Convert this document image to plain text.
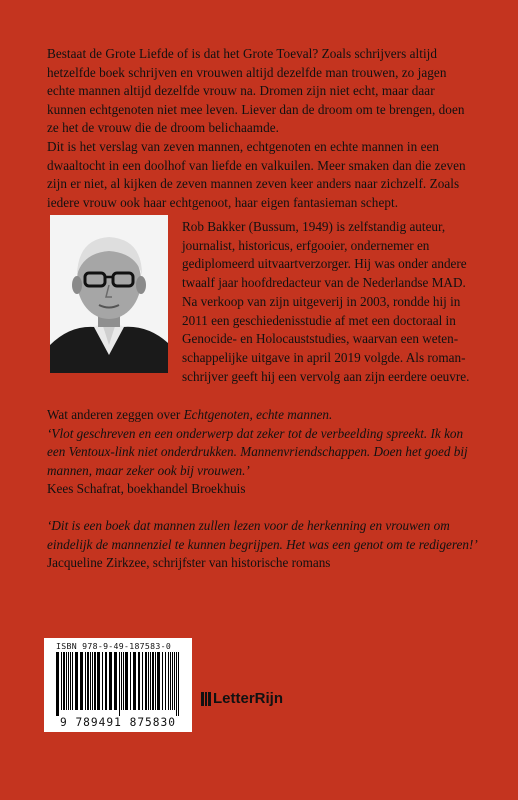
Bestaat de Grote Liefde of is dat het Grote Toeval? Zoals schrijvers altijd
hetzelfde boek schrijven en vrouwen altijd dezelfde man trouwen, zo jagen
echte mannen altijd dezelfde vrouw na. Dromen zijn niet echt, maar daar
kunnen echtgenoten niet mee leven. Liever dan de droom om te brengen, doen
ze het de vrouw die de droom belichaamde.

Dit is het verslag van zeven mannen, echtgenoten en echte mannen in een
dwaaltocht in een doolhof van liefde en valkuilen. Meer smaken dan die zeven
zijn er niet, al kijken de zeven mannen zeven keer anders naar zichzelf. Zoals
iedere vrouw ook haar echtgenoot, haar eigen fantasieman schept.

Rob Bakker (Bussum, 1949) is zelfstandig auteur,
journalist, historicus, erfgooier, ondernemer en
gediplomeerd uitvaartverzorger. Hij was onder andere
twaalf jaar hoofdredacteur van de Nederlandse MAD.
Na verkoop van zijn uitgeverij in 2003, rondde hij in
2011 een geschiedenisstudie af met een doctoraal in
Genocide- en Holocauststudies, waarvan een weten-
schappelijke uitgave in april 2019 volgde. Als roman-
schrijver geeft hij een vervolg aan zijn eerdere oeuvre.

Wat anderen zeggen over Echtgenoten, echte mannen.

‘Vlot geschreven en een onderwerp dat zeker tot de verbeelding spreekt. Ik kon
een Ventoux-link niet onderdrukken. Mannenvriendschappen. Doen het goed bij
mannen, maar zeker ook bij vrouwen.’

Kees Schafrat, boekhandel Broekhuis

‘Dit is een boek dat mannen zullen lezen voor de herkenning en vrouwen om
eindelijk de mannenziel te kunnen begrijpen. Het was een genot om te redigeren!’

Jacqueline Zirkzee, schrijfster van historische romans

ISBN 978-9-49-187583-0
9 789491 875830
LetterRijn
